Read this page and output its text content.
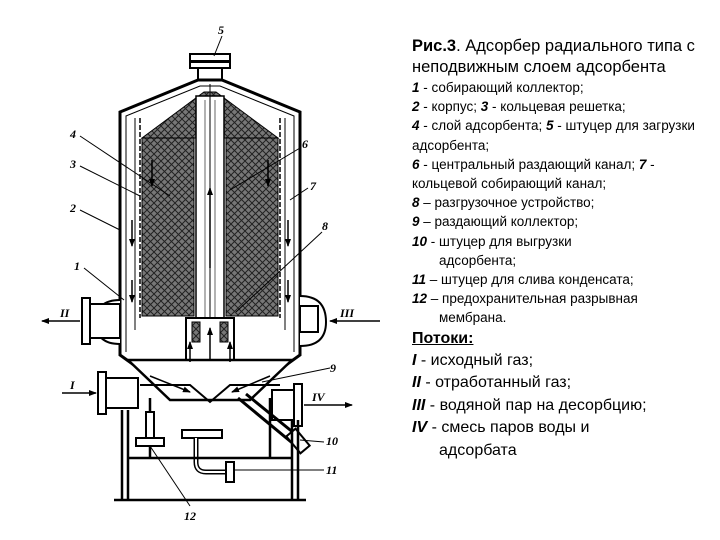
5
4
3
2
1
6
7
8
9
10
11
12
II	III
I
IV

Рис.3. Адсорбер радиального типа с неподвижным слоем адсорбента

1 - собирающий коллектор;

2 - корпус; 3 - кольцевая решетка;

4 - слой адсорбента; 5 - штуцер для загрузки адсорбента;

6 - центральный раздающий канал; 7 - кольцевой собирающий канал;

8 – разгрузочное устройство;

9 – раздающий коллектор;

10 - штуцер для выгрузки

адсорбента;

11 – штуцер для слива конденсата;

12 – предохранительная разрывная

мембрана.

Потоки:

I - исходный газ;

II - отработанный газ;

III - водяной пар на десорбцию;

IV - смесь паров воды и

адсорбата
